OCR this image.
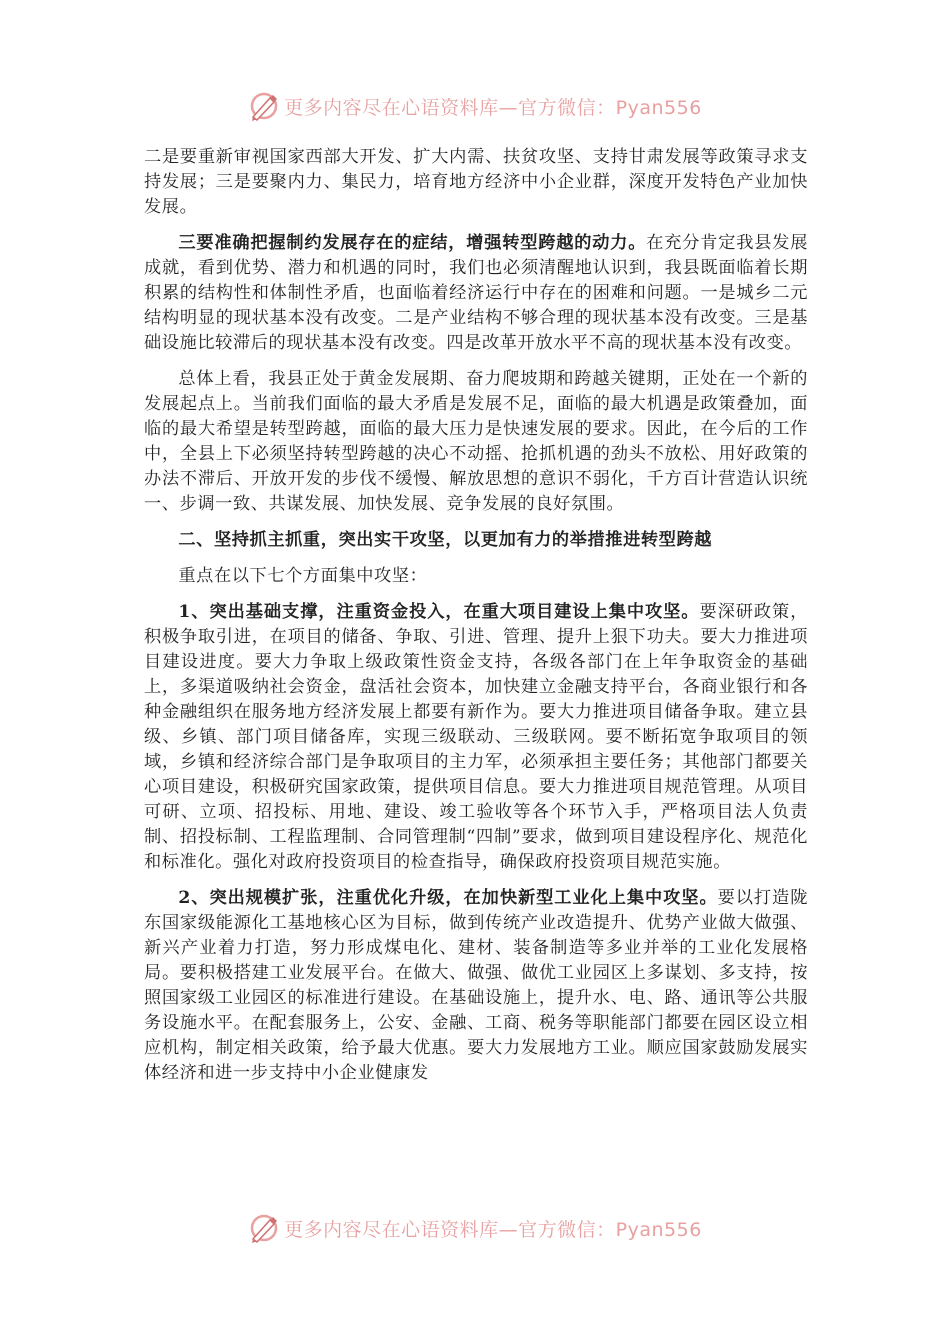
更多内容尽在心语资料库—官方微信：Pyan556

二是要重新审视国家西部大开发、扩大内需、扶贫攻坚、支持甘肃发展等政策寻求支持发展；三是要聚内力、集民力，培育地方经济中小企业群，深度开发特色产业加快发展。

三要准确把握制约发展存在的症结，增强转型跨越的动力。在充分肯定我县发展成就，看到优势、潜力和机遇的同时，我们也必须清醒地认识到，我县既面临着长期积累的结构性和体制性矛盾，也面临着经济运行中存在的困难和问题。一是城乡二元结构明显的现状基本没有改变。二是产业结构不够合理的现状基本没有改变。三是基础设施比较滞后的现状基本没有改变。四是改革开放水平不高的现状基本没有改变。

总体上看，我县正处于黄金发展期、奋力爬坡期和跨越关键期，正处在一个新的发展起点上。当前我们面临的最大矛盾是发展不足，面临的最大机遇是政策叠加，面临的最大希望是转型跨越，面临的最大压力是快速发展的要求。因此，在今后的工作中，全县上下必须坚持转型跨越的决心不动摇、抢抓机遇的劲头不放松、用好政策的办法不滞后、开放开发的步伐不缓慢、解放思想的意识不弱化，千方百计营造认识统一、步调一致、共谋发展、加快发展、竞争发展的良好氛围。

二、坚持抓主抓重，突出实干攻坚，以更加有力的举措推进转型跨越

重点在以下七个方面集中攻坚：

1、突出基础支撑，注重资金投入，在重大项目建设上集中攻坚。要深研政策，积极争取引进，在项目的储备、争取、引进、管理、提升上狠下功夫。要大力推进项目建设进度。要大力争取上级政策性资金支持，各级各部门在上年争取资金的基础上，多渠道吸纳社会资金，盘活社会资本，加快建立金融支持平台，各商业银行和各种金融组织在服务地方经济发展上都要有新作为。要大力推进项目储备争取。建立县级、乡镇、部门项目储备库，实现三级联动、三级联网。要不断拓宽争取项目的领域，乡镇和经济综合部门是争取项目的主力军，必须承担主要任务；其他部门都要关心项目建设，积极研究国家政策，提供项目信息。要大力推进项目规范管理。从项目可研、立项、招投标、用地、建设、竣工验收等各个环节入手，严格项目法人负责制、招投标制、工程监理制、合同管理制“四制”要求，做到项目建设程序化、规范化和标准化。强化对政府投资项目的检查指导，确保政府投资项目规范实施。

2、突出规模扩张，注重优化升级，在加快新型工业化上集中攻坚。要以打造陇东国家级能源化工基地核心区为目标，做到传统产业改造提升、优势产业做大做强、新兴产业着力打造，努力形成煤电化、建材、装备制造等多业并举的工业化发展格局。要积极搭建工业发展平台。在做大、做强、做优工业园区上多谋划、多支持，按照国家级工业园区的标准进行建设。在基础设施上，提升水、电、路、通讯等公共服务设施水平。在配套服务上，公安、金融、工商、税务等职能部门都要在园区设立相应机构，制定相关政策，给予最大优惠。要大力发展地方工业。顺应国家鼓励发展实体经济和进一步支持中小企业健康发

更多内容尽在心语资料库—官方微信：Pyan556
